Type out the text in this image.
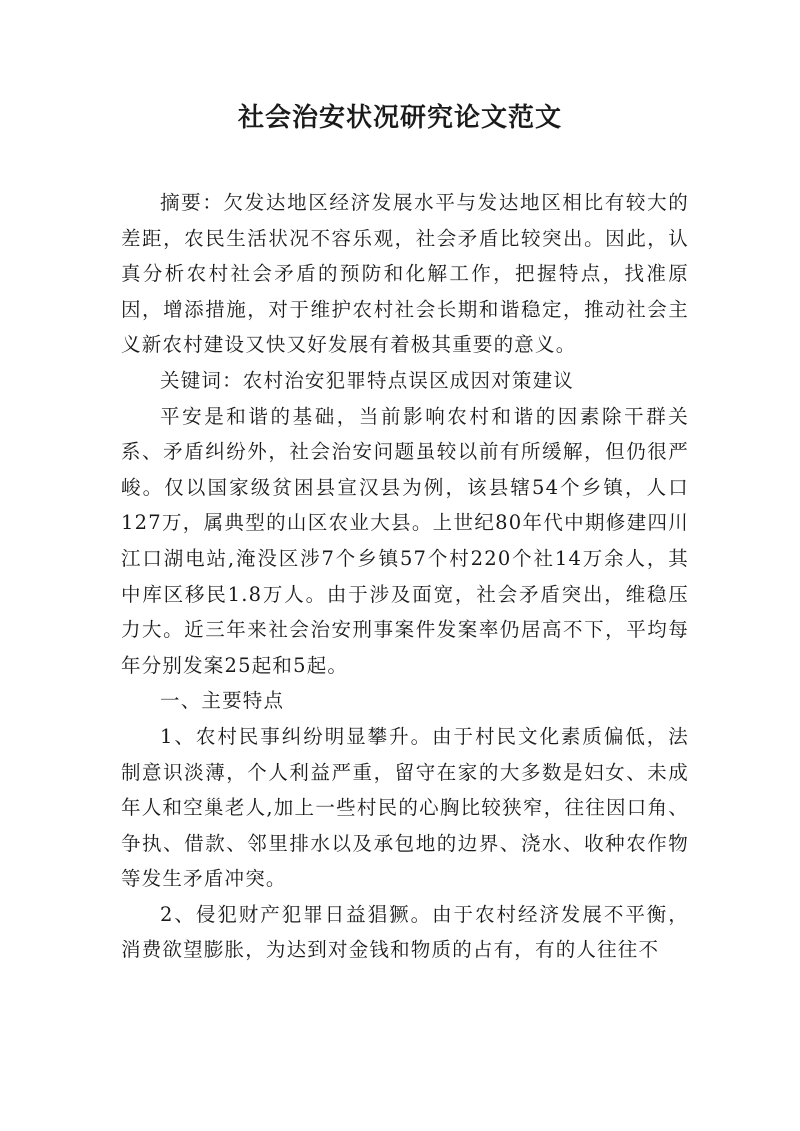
社会治安状况研究论文范文

摘要：欠发达地区经济发展水平与发达地区相比有较大的差距，农民生活状况不容乐观，社会矛盾比较突出。因此，认真分析农村社会矛盾的预防和化解工作，把握特点，找准原因，增添措施，对于维护农村社会长期和谐稳定，推动社会主义新农村建设又快又好发展有着极其重要的意义。

关键词：农村治安犯罪特点误区成因对策建议

平安是和谐的基础，当前影响农村和谐的因素除干群关系、矛盾纠纷外，社会治安问题虽较以前有所缓解，但仍很严峻。仅以国家级贫困县宣汉县为例，该县辖54个乡镇，人口127万，属典型的山区农业大县。上世纪80年代中期修建四川江口湖电站,淹没区涉7个乡镇57个村220个社14万余人，其中库区移民1.8万人。由于涉及面宽，社会矛盾突出，维稳压力大。近三年来社会治安刑事案件发案率仍居高不下，平均每年分别发案25起和5起。

一、主要特点

1、农村民事纠纷明显攀升。由于村民文化素质偏低，法制意识淡薄，个人利益严重，留守在家的大多数是妇女、未成年人和空巢老人,加上一些村民的心胸比较狭窄，往往因口角、争执、借款、邻里排水以及承包地的边界、浇水、收种农作物等发生矛盾冲突。

2、侵犯财产犯罪日益猖獗。由于农村经济发展不平衡，消费欲望膨胀，为达到对金钱和物质的占有，有的人往往不
